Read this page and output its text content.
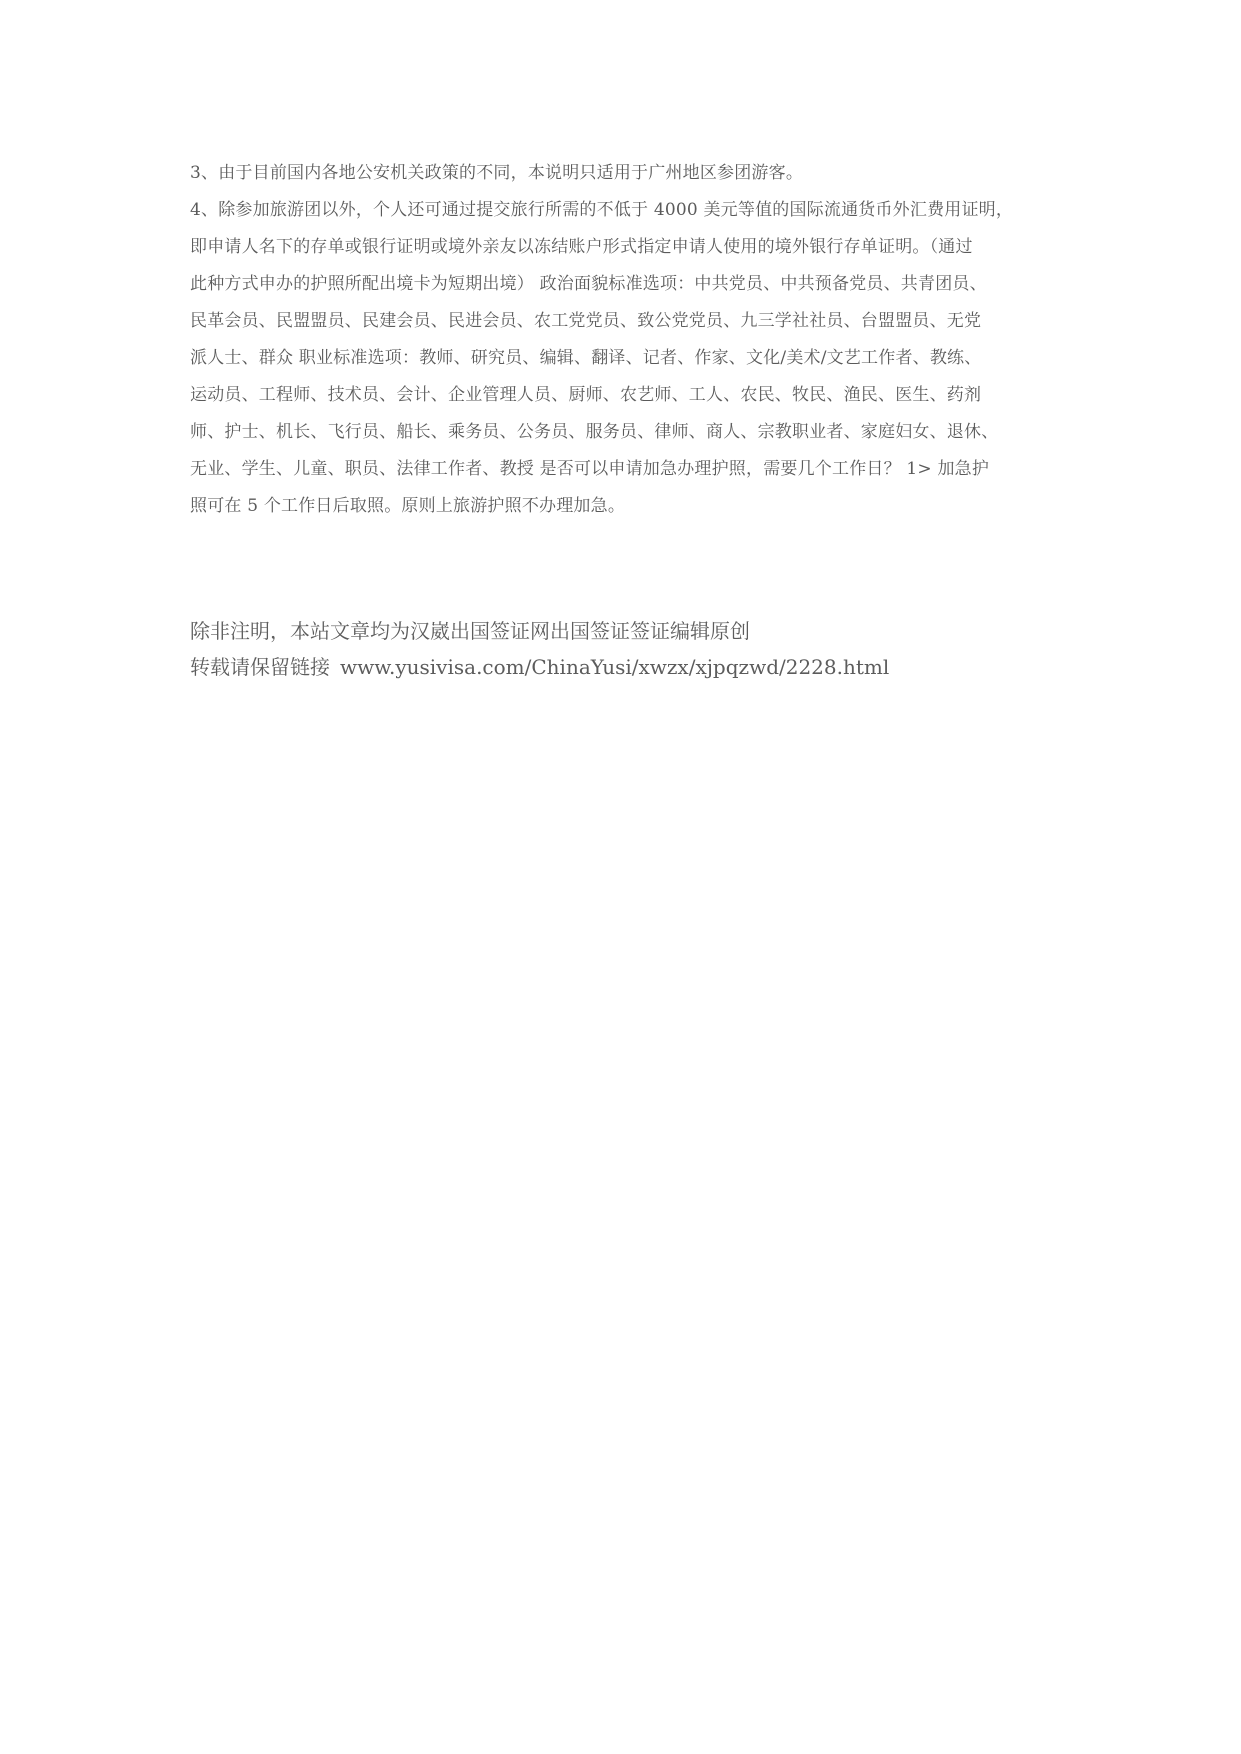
3、由于目前国内各地公安机关政策的不同，本说明只适用于广州地区参团游客。
4、除参加旅游团以外，个人还可通过提交旅行所需的不低于 4000 美元等值的国际流通货币外汇费用证明，
即申请人名下的存单或银行证明或境外亲友以冻结账户形式指定申请人使用的境外银行存单证明。（通过
此种方式申办的护照所配出境卡为短期出境） 政治面貌标准选项：中共党员、中共预备党员、共青团员、
民革会员、民盟盟员、民建会员、民进会员、农工党党员、致公党党员、九三学社社员、台盟盟员、无党
派人士、群众 职业标准选项：教师、研究员、编辑、翻译、记者、作家、文化/美术/文艺工作者、教练、
运动员、工程师、技术员、会计、企业管理人员、厨师、农艺师、工人、农民、牧民、渔民、医生、药剂
师、护士、机长、飞行员、船长、乘务员、公务员、服务员、律师、商人、宗教职业者、家庭妇女、退休、
无业、学生、儿童、职员、法律工作者、教授 是否可以申请加急办理护照，需要几个工作日？ 1> 加急护
照可在 5 个工作日后取照。原则上旅游护照不办理加急。
除非注明，本站文章均为汉崴出国签证网出国签证签证编辑原创
转载请保留链接 www.yusivisa.com/ChinaYusi/xwzx/xjpqzwd/2228.html
